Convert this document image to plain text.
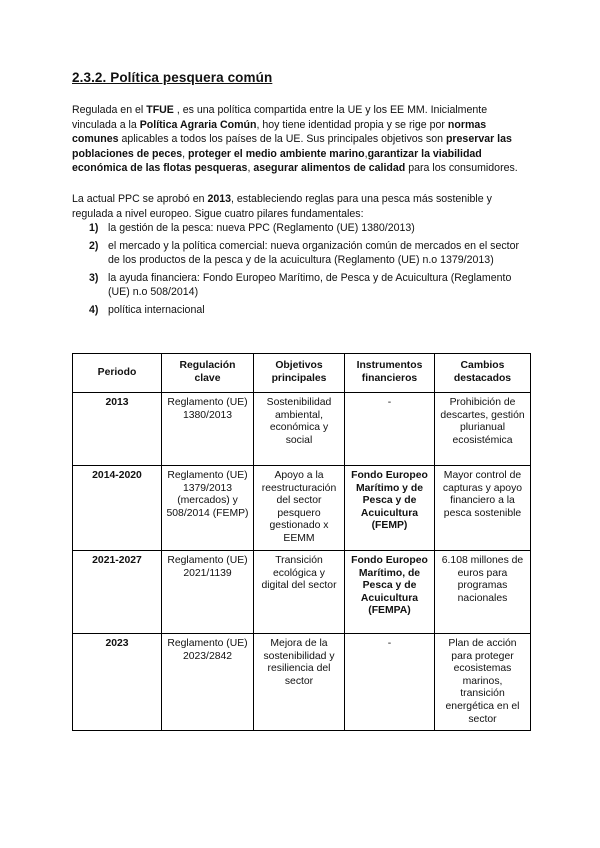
2.3.2. Política pesquera común
Regulada en el TFUE , es una política compartida entre la UE y los EE MM. Inicialmente vinculada a la Política Agraria Común, hoy tiene identidad propia y se rige por normas comunes aplicables a todos los países de la UE. Sus principales objetivos son preservar las poblaciones de peces, proteger el medio ambiente marino,garantizar la viabilidad económica de las flotas pesqueras, asegurar alimentos de calidad para los consumidores.
La actual PPC se aprobó en 2013, estableciendo reglas para una pesca más sostenible y regulada a nivel europeo. Sigue cuatro pilares fundamentales:
1) la gestión de la pesca: nueva PPC (Reglamento (UE) 1380/2013)
2) el mercado y la política comercial: nueva organización común de mercados en el sector de los productos de la pesca y de la acuicultura (Reglamento (UE) n.o 1379/2013)
3) la ayuda financiera: Fondo Europeo Marítimo, de Pesca y de Acuicultura (Reglamento (UE) n.o 508/2014)
4) política internacional
Periodo	Regulación clave	Objetivos principales	Instrumentos financieros	Cambios destacados
2013	Reglamento (UE) 1380/2013	Sostenibilidad ambiental, económica y social	-	Prohibición de descartes, gestión plurianual ecosistémica
2014-2020	Reglamento (UE) 1379/2013 (mercados) y 508/2014 (FEMP)	Apoyo a la reestructuración del sector pesquero gestionado x EEMM	Fondo Europeo Marítimo y de Pesca y de Acuicultura (FEMP)	Mayor control de capturas y apoyo financiero a la pesca sostenible
2021-2027	Reglamento (UE) 2021/1139	Transición ecológica y digital del sector	Fondo Europeo Marítimo, de Pesca y de Acuicultura (FEMPA)	6.108 millones de euros para programas nacionales
2023	Reglamento (UE) 2023/2842	Mejora de la sostenibilidad y resiliencia del sector	-	Plan de acción para proteger ecosistemas marinos, transición energética en el sector
